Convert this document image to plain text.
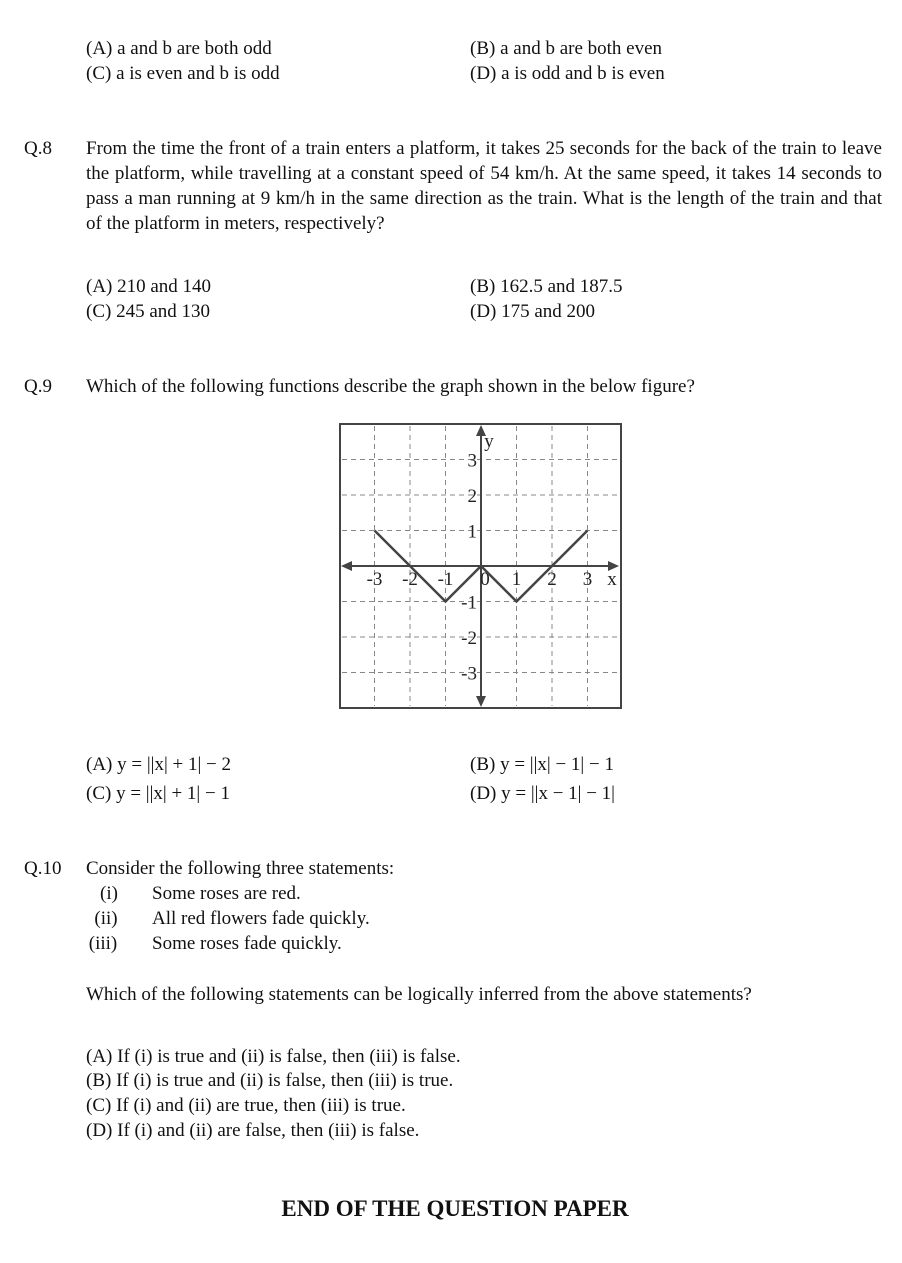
(A) a and b are both odd	(B) a and b are both even
(C) a is even and b is odd	(D) a is odd and b is even
Q.8 From the time the front of a train enters a platform, it takes 25 seconds for the back of the train to leave the platform, while travelling at a constant speed of 54 km/h. At the same speed, it takes 14 seconds to pass a man running at 9 km/h in the same direction as the train. What is the length of the train and that of the platform in meters, respectively?
(A) 210 and 140	(B) 162.5 and 187.5
(C) 245 and 130	(D) 175 and 200
Q.9 Which of the following functions describe the graph shown in the below figure?
-3 -2 -1 0 1 2 3
3
2
1
-1
-2
-3
x
y
(A) y = ||x| + 1| − 2	(B) y = ||x| − 1| − 1
(C) y = ||x| + 1| − 1	(D) y = ||x − 1| − 1|
Q.10 Consider the following three statements:
(i)	Some roses are red.
(ii)	All red flowers fade quickly.
(iii) Some roses fade quickly.
Which of the following statements can be logically inferred from the above statements?
(A) If (i) is true and (ii) is false, then (iii) is false.
(B) If (i) is true and (ii) is false, then (iii) is true.
(C) If (i) and (ii) are true, then (iii) is true.
(D) If (i) and (ii) are false, then (iii) is false.
END OF THE QUESTION PAPER
